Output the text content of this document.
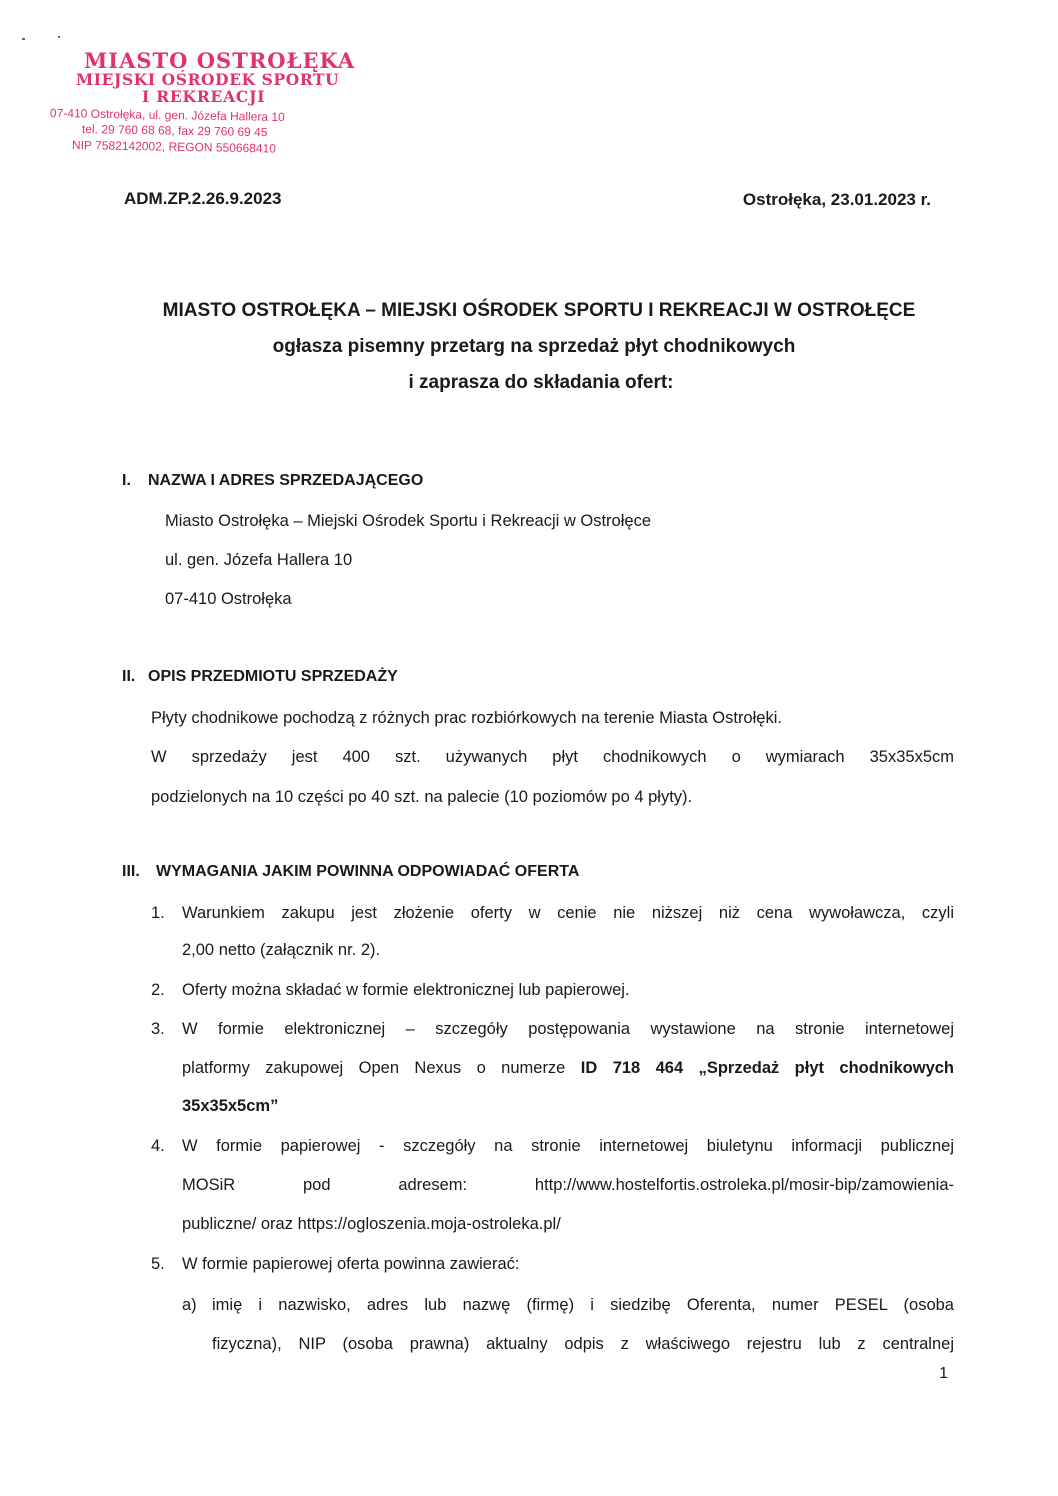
MIASTO OSTROŁĘKA
MIEJSKI OŚRODEK SPORTU
I REKREACJI
07-410 Ostrołęka, ul. gen. Józefa Hallera 10
tel. 29 760 68 68, fax 29 760 69 45
NIP 7582142002, REGON 550668410
ADM.ZP.2.26.9.2023	Ostrołęka, 23.01.2023 r.
MIASTO OSTROŁĘKA – MIEJSKI OŚRODEK SPORTU I REKREACJI W OSTROŁĘCE
ogłasza pisemny przetarg na sprzedaż płyt chodnikowych
i zaprasza do składania ofert:
I. NAZWA I ADRES SPRZEDAJĄCEGO
Miasto Ostrołęka – Miejski Ośrodek Sportu i Rekreacji w Ostrołęce
ul. gen. Józefa Hallera 10
07-410 Ostrołęka
II. OPIS PRZEDMIOTU SPRZEDAŻY
Płyty chodnikowe pochodzą z różnych prac rozbiórkowych na terenie Miasta Ostrołęki.
W sprzedaży jest 400 szt. używanych płyt chodnikowych o wymiarach 35x35x5cm
podzielonych na 10 części po 40 szt. na palecie (10 poziomów po 4 płyty).
III. WYMAGANIA JAKIM POWINNA ODPOWIADAĆ OFERTA
1. Warunkiem zakupu jest złożenie oferty w cenie nie niższej niż cena wywoławcza, czyli
2,00 netto (załącznik nr. 2).
2. Oferty można składać w formie elektronicznej lub papierowej.
3. W formie elektronicznej – szczegóły postępowania wystawione na stronie internetowej
platformy zakupowej Open Nexus o numerze ID 718 464 „Sprzedaż płyt chodnikowych
35x35x5cm”
4. W formie papierowej - szczegóły na stronie internetowej biuletynu informacji publicznej
MOSiR pod adresem: http://www.hostelfortis.ostroleka.pl/mosir-bip/zamowienia-
publiczne/ oraz https://ogloszenia.moja-ostroleka.pl/
5. W formie papierowej oferta powinna zawierać:
a) imię i nazwisko, adres lub nazwę (firmę) i siedzibę Oferenta, numer PESEL (osoba
fizyczna), NIP (osoba prawna) aktualny odpis z właściwego rejestru lub z centralnej
1
